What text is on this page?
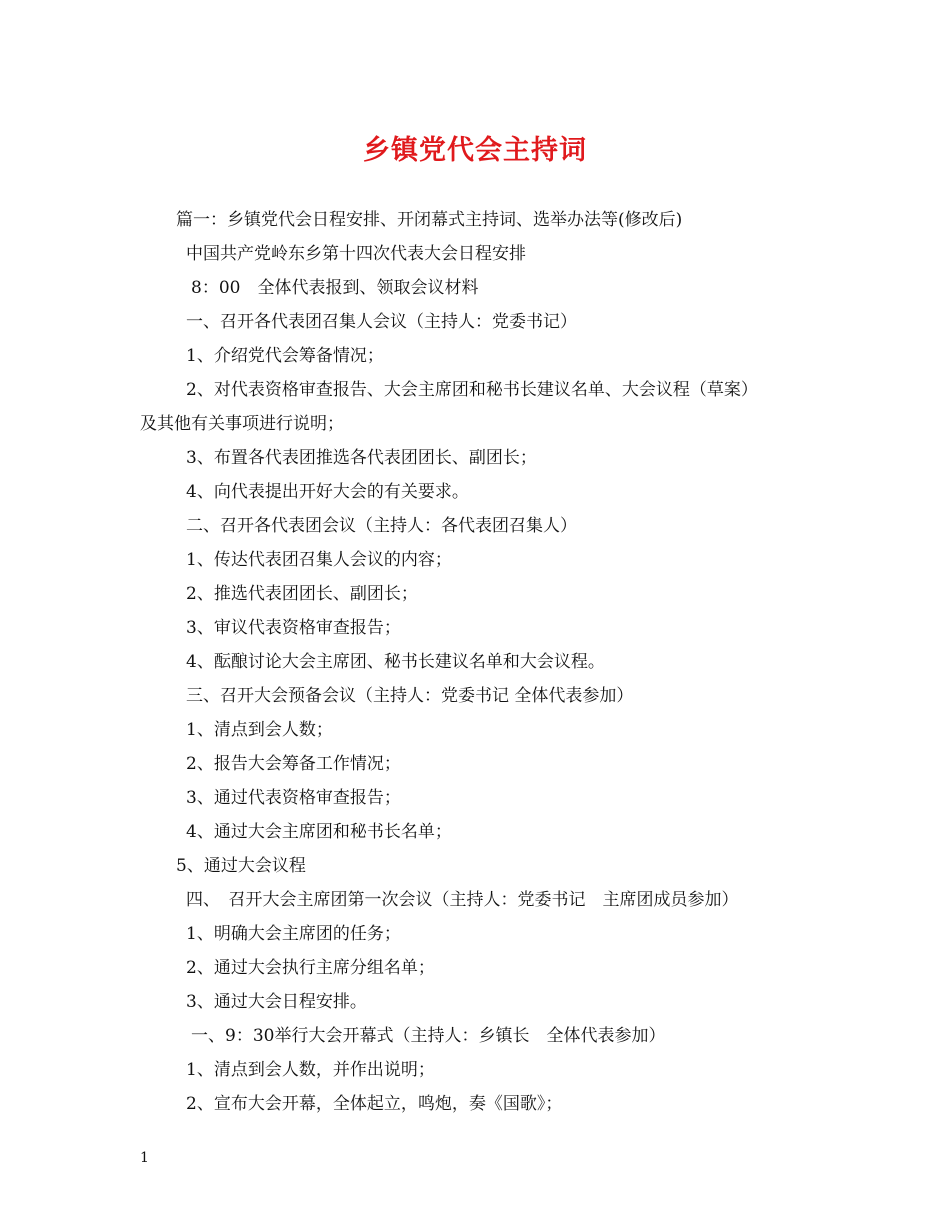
乡镇党代会主持词
篇一：乡镇党代会日程安排、开闭幕式主持词、选举办法等(修改后)
中国共产党岭东乡第十四次代表大会日程安排
8：00　全体代表报到、领取会议材料
一、召开各代表团召集人会议（主持人：党委书记）
1、介绍党代会筹备情况；
2、对代表资格审查报告、大会主席团和秘书长建议名单、大会议程（草案）
及其他有关事项进行说明；
3、布置各代表团推选各代表团团长、副团长；
4、向代表提出开好大会的有关要求。
二、召开各代表团会议（主持人：各代表团召集人）
1、传达代表团召集人会议的内容；
2、推选代表团团长、副团长；
3、审议代表资格审查报告；
4、酝酿讨论大会主席团、秘书长建议名单和大会议程。
三、召开大会预备会议（主持人：党委书记 全体代表参加）
1、清点到会人数；
2、报告大会筹备工作情况；
3、通过代表资格审查报告；
4、通过大会主席团和秘书长名单；
5、通过大会议程
四、　召开大会主席团第一次会议（主持人：党委书记　主席团成员参加）
1、明确大会主席团的任务；
2、通过大会执行主席分组名单；
3、通过大会日程安排。
一、9：30举行大会开幕式（主持人：乡镇长　全体代表参加）
1、清点到会人数，并作出说明；
2、宣布大会开幕，全体起立，鸣炮，奏《国歌》；
1
